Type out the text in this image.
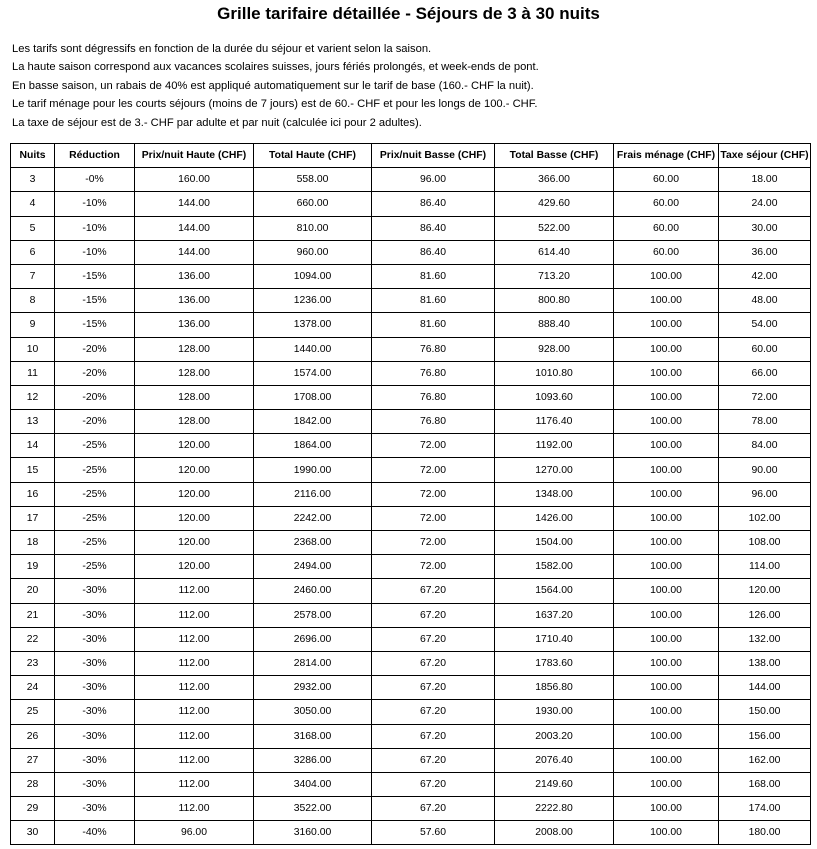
Grille tarifaire détaillée - Séjours de 3 à 30 nuits

Les tarifs sont dégressifs en fonction de la durée du séjour et varient selon la saison.

La haute saison correspond aux vacances scolaires suisses, jours fériés prolongés, et week-ends de pont.

En basse saison, un rabais de 40% est appliqué automatiquement sur le tarif de base (160.- CHF la nuit).

Le tarif ménage pour les courts séjours (moins de 7 jours) est de 60.- CHF et pour les longs de 100.- CHF.

La taxe de séjour est de 3.- CHF par adulte et par nuit (calculée ici pour 2 adultes).

Nuits	Réduction	Prix/nuit Haute (CHF)	Total Haute (CHF)	Prix/nuit Basse (CHF)	Total Basse (CHF)	Frais ménage (CHF)	Taxe séjour (CHF)
3	-0%	160.00	558.00	96.00	366.00	60.00	18.00
4	-10%	144.00	660.00	86.40	429.60	60.00	24.00
5	-10%	144.00	810.00	86.40	522.00	60.00	30.00
6	-10%	144.00	960.00	86.40	614.40	60.00	36.00
7	-15%	136.00	1094.00	81.60	713.20	100.00	42.00
8	-15%	136.00	1236.00	81.60	800.80	100.00	48.00
9	-15%	136.00	1378.00	81.60	888.40	100.00	54.00
10	-20%	128.00	1440.00	76.80	928.00	100.00	60.00
11	-20%	128.00	1574.00	76.80	1010.80	100.00	66.00
12	-20%	128.00	1708.00	76.80	1093.60	100.00	72.00
13	-20%	128.00	1842.00	76.80	1176.40	100.00	78.00
14	-25%	120.00	1864.00	72.00	1192.00	100.00	84.00
15	-25%	120.00	1990.00	72.00	1270.00	100.00	90.00
16	-25%	120.00	2116.00	72.00	1348.00	100.00	96.00
17	-25%	120.00	2242.00	72.00	1426.00	100.00	102.00
18	-25%	120.00	2368.00	72.00	1504.00	100.00	108.00
19	-25%	120.00	2494.00	72.00	1582.00	100.00	114.00
20	-30%	112.00	2460.00	67.20	1564.00	100.00	120.00
21	-30%	112.00	2578.00	67.20	1637.20	100.00	126.00
22	-30%	112.00	2696.00	67.20	1710.40	100.00	132.00
23	-30%	112.00	2814.00	67.20	1783.60	100.00	138.00
24	-30%	112.00	2932.00	67.20	1856.80	100.00	144.00
25	-30%	112.00	3050.00	67.20	1930.00	100.00	150.00
26	-30%	112.00	3168.00	67.20	2003.20	100.00	156.00
27	-30%	112.00	3286.00	67.20	2076.40	100.00	162.00
28	-30%	112.00	3404.00	67.20	2149.60	100.00	168.00
29	-30%	112.00	3522.00	67.20	2222.80	100.00	174.00
30	-40%	96.00	3160.00	57.60	2008.00	100.00	180.00
